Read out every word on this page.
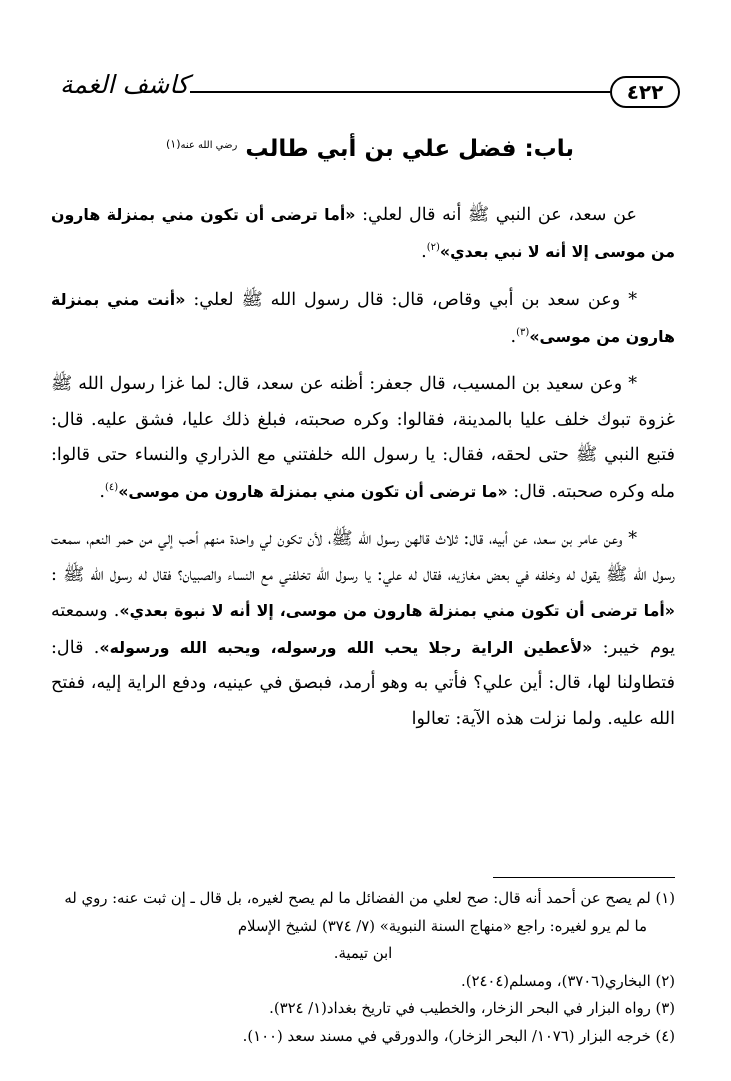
٤٢٢
كاشف الغمة
باب: فضل علي بن أبي طالب $^{رضي الله عنه(١)}$

عن سعد، عن النبي ﷺ أنه قال لعلي: «أما ترضى أن تكون مني بمنزلة هارون من موسى إلا أنه لا نبي بعدي»$^{(٢)}$.

* وعن سعد بن أبي وقاص، قال: قال رسول الله ﷺ لعلي: «أنت مني بمنزلة هارون من موسى»$^{(٣)}$.

* وعن سعيد بن المسيب، قال جعفر: أظنه عن سعد، قال: لما غزا رسول الله ﷺ غزوة تبوك خلف عليا بالمدينة، فقالوا: وكره صحبته، فبلغ ذلك عليا، فشق عليه. قال: فتبع النبي ﷺ حتى لحقه، فقال: يا رسول الله خلفتني مع الذراري والنساء حتى قالوا: مله وكره صحبته. قال: «ما ترضى أن تكون مني بمنزلة هارون من موسى»$^{(٤)}$.

* وعن عامر بن سعد، عن أبيه، قال: ثلاث قالهن رسول الله ﷺ، لأن تكون لي واحدة منهم أحب إلي من حمر النعم، سمعت رسول الله ﷺ يقول له وخلفه في بعض مغازيه، فقال له علي: يا رسول الله تخلفني مع النساء والصبيان؟ فقال له رسول الله ﷺ : «أما ترضى أن تكون مني بمنزلة هارون من موسى، إلا أنه لا نبوة بعدي». وسمعته يوم خيبر: «لأعطين الراية رجلا يحب الله ورسوله، ويحبه الله ورسوله». قال: فتطاولنا لها، قال: أين علي؟ فأتي به وهو أرمد، فبصق في عينيه، ودفع الراية إليه، ففتح الله عليه. ولما نزلت هذه الآية: تعالوا

(١) لم يصح عن أحمد أنه قال: صح لعلي من الفضائل ما لم يصح لغيره، بل قال ـ إن ثبت عنه: روي له ما لم يرو لغيره: راجع «منهاج السنة النبوية» (٧/ ٣٧٤) لشيخ الإسلام
ابن تيمية.

(٢) البخاري(٣٧٠٦)، ومسلم(٢٤٠٤).

(٣) رواه البزار في البحر الزخار، والخطيب في تاريخ بغداد(١/ ٣٢٤).

(٤) خرجه البزار (١٠٧٦/ البحر الزخار)، والدورقي في مسند سعد (١٠٠).
